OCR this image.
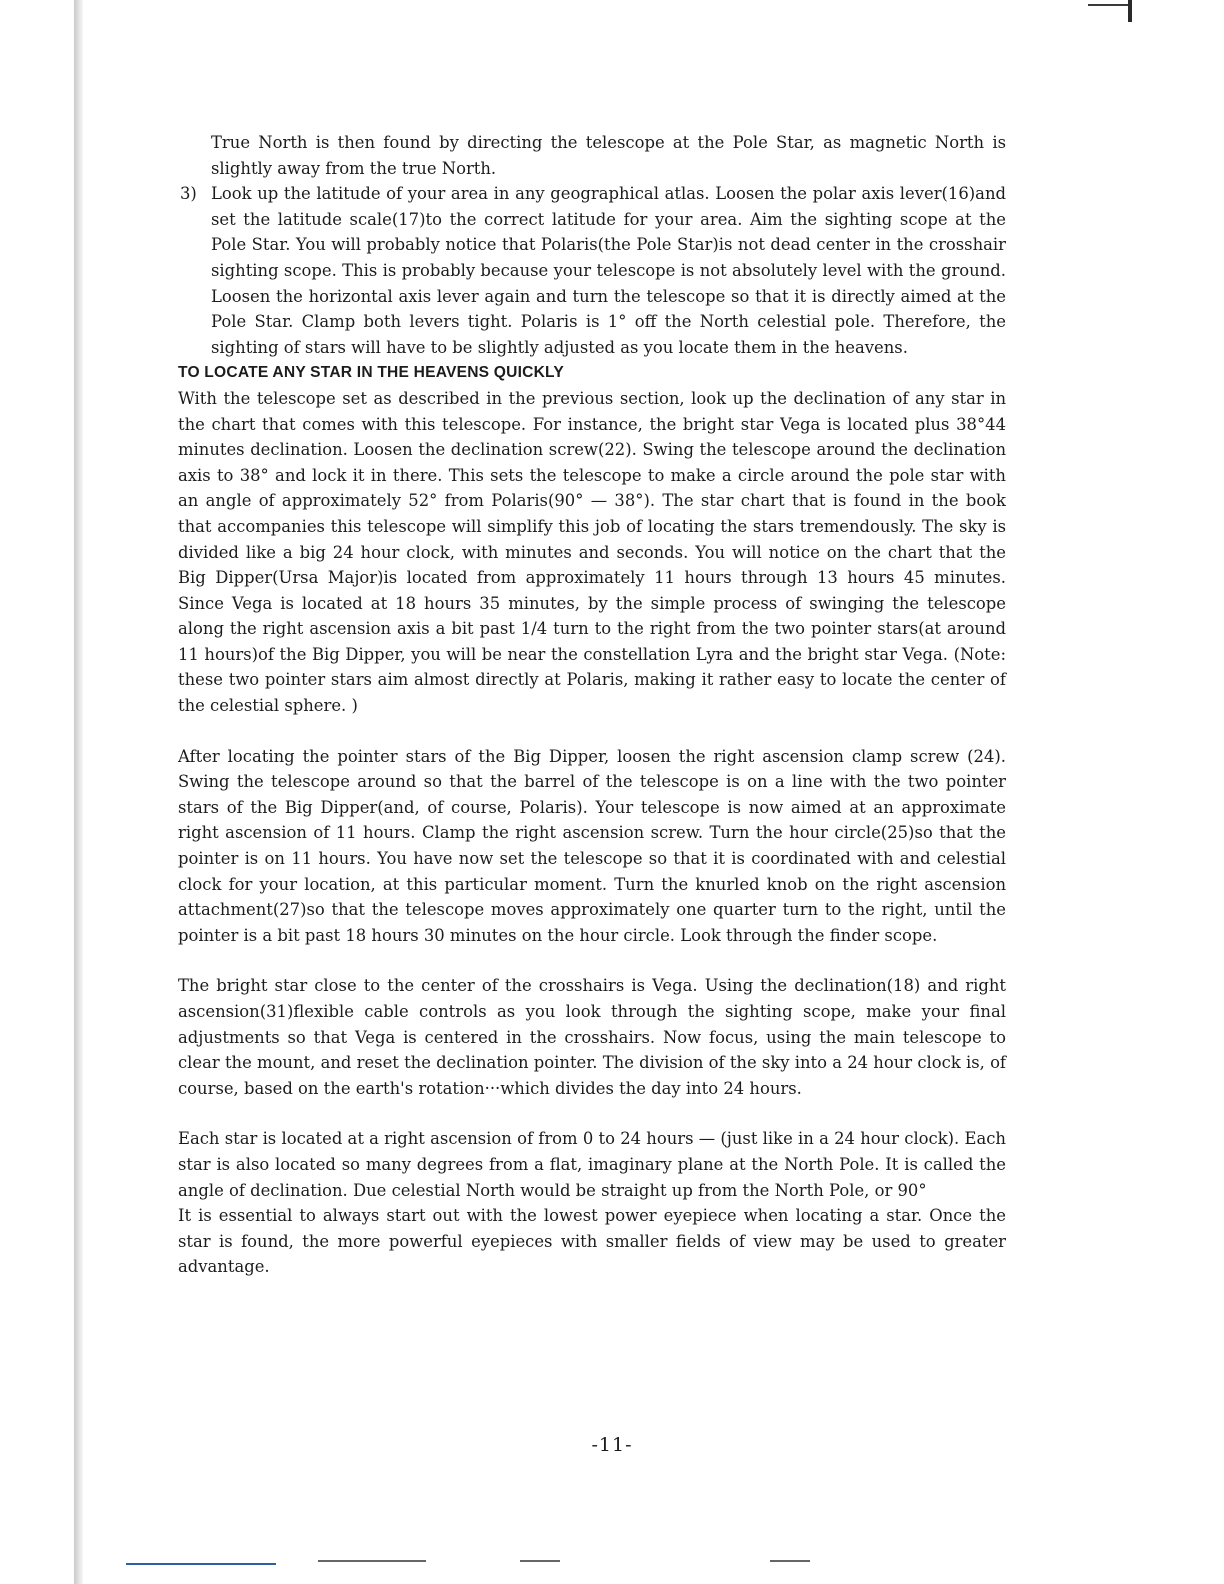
True North is then found by directing the telescope at the Pole Star, as magnetic North is slightly away from the true North.

3) Look up the latitude of your area in any geographical atlas. Loosen the polar axis lever(16)and set the latitude scale(17)to the correct latitude for your area. Aim the sighting scope at the Pole Star. You will probably notice that Polaris(the Pole Star)is not dead center in the crosshair sighting scope. This is probably because your telescope is not absolutely level with the ground. Loosen the horizontal axis lever again and turn the telescope so that it is directly aimed at the Pole Star. Clamp both levers tight. Polaris is 1° off the North celestial pole. Therefore, the sighting of stars will have to be slightly adjusted as you locate them in the heavens.

TO LOCATE ANY STAR IN THE HEAVENS QUICKLY

With the telescope set as described in the previous section, look up the declination of any star in the chart that comes with this telescope. For instance, the bright star Vega is located plus 38°44 minutes declination. Loosen the declination screw(22). Swing the telescope around the declination axis to 38° and lock it in there. This sets the telescope to make a circle around the pole star with an angle of approximately 52° from Polaris(90° — 38°). The star chart that is found in the book that accompanies this telescope will simplify this job of locating the stars tremendously. The sky is divided like a big 24 hour clock, with minutes and seconds. You will notice on the chart that the Big Dipper(Ursa Major)is located from approximately 11 hours through 13 hours 45 minutes. Since Vega is located at 18 hours 35 minutes, by the simple process of swinging the telescope along the right ascension axis a bit past 1/4 turn to the right from the two pointer stars(at around 11 hours)of the Big Dipper, you will be near the constellation Lyra and the bright star Vega. (Note: these two pointer stars aim almost directly at Polaris, making it rather easy to locate the center of the celestial sphere. )

After locating the pointer stars of the Big Dipper, loosen the right ascension clamp screw (24). Swing the telescope around so that the barrel of the telescope is on a line with the two pointer stars of the Big Dipper(and, of course, Polaris). Your telescope is now aimed at an approximate right ascension of 11 hours. Clamp the right ascension screw. Turn the hour circle(25)so that the pointer is on 11 hours. You have now set the telescope so that it is coordinated with and celestial clock for your location, at this particular moment. Turn the knurled knob on the right ascension attachment(27)so that the telescope moves approximately one quarter turn to the right, until the pointer is a bit past 18 hours 30 minutes on the hour circle. Look through the finder scope.

The bright star close to the center of the crosshairs is Vega. Using the declination(18) and right ascension(31)flexible cable controls as you look through the sighting scope, make your final adjustments so that Vega is centered in the crosshairs. Now focus, using the main telescope to clear the mount, and reset the declination pointer. The division of the sky into a 24 hour clock is, of course, based on the earth's rotation···which divides the day into 24 hours.

Each star is located at a right ascension of from 0 to 24 hours — (just like in a 24 hour clock). Each star is also located so many degrees from a flat, imaginary plane at the North Pole. It is called the angle of declination. Due celestial North would be straight up from the North Pole, or 90°

It is essential to always start out with the lowest power eyepiece when locating a star. Once the star is found, the more powerful eyepieces with smaller fields of view may be used to greater advantage.

-11-
